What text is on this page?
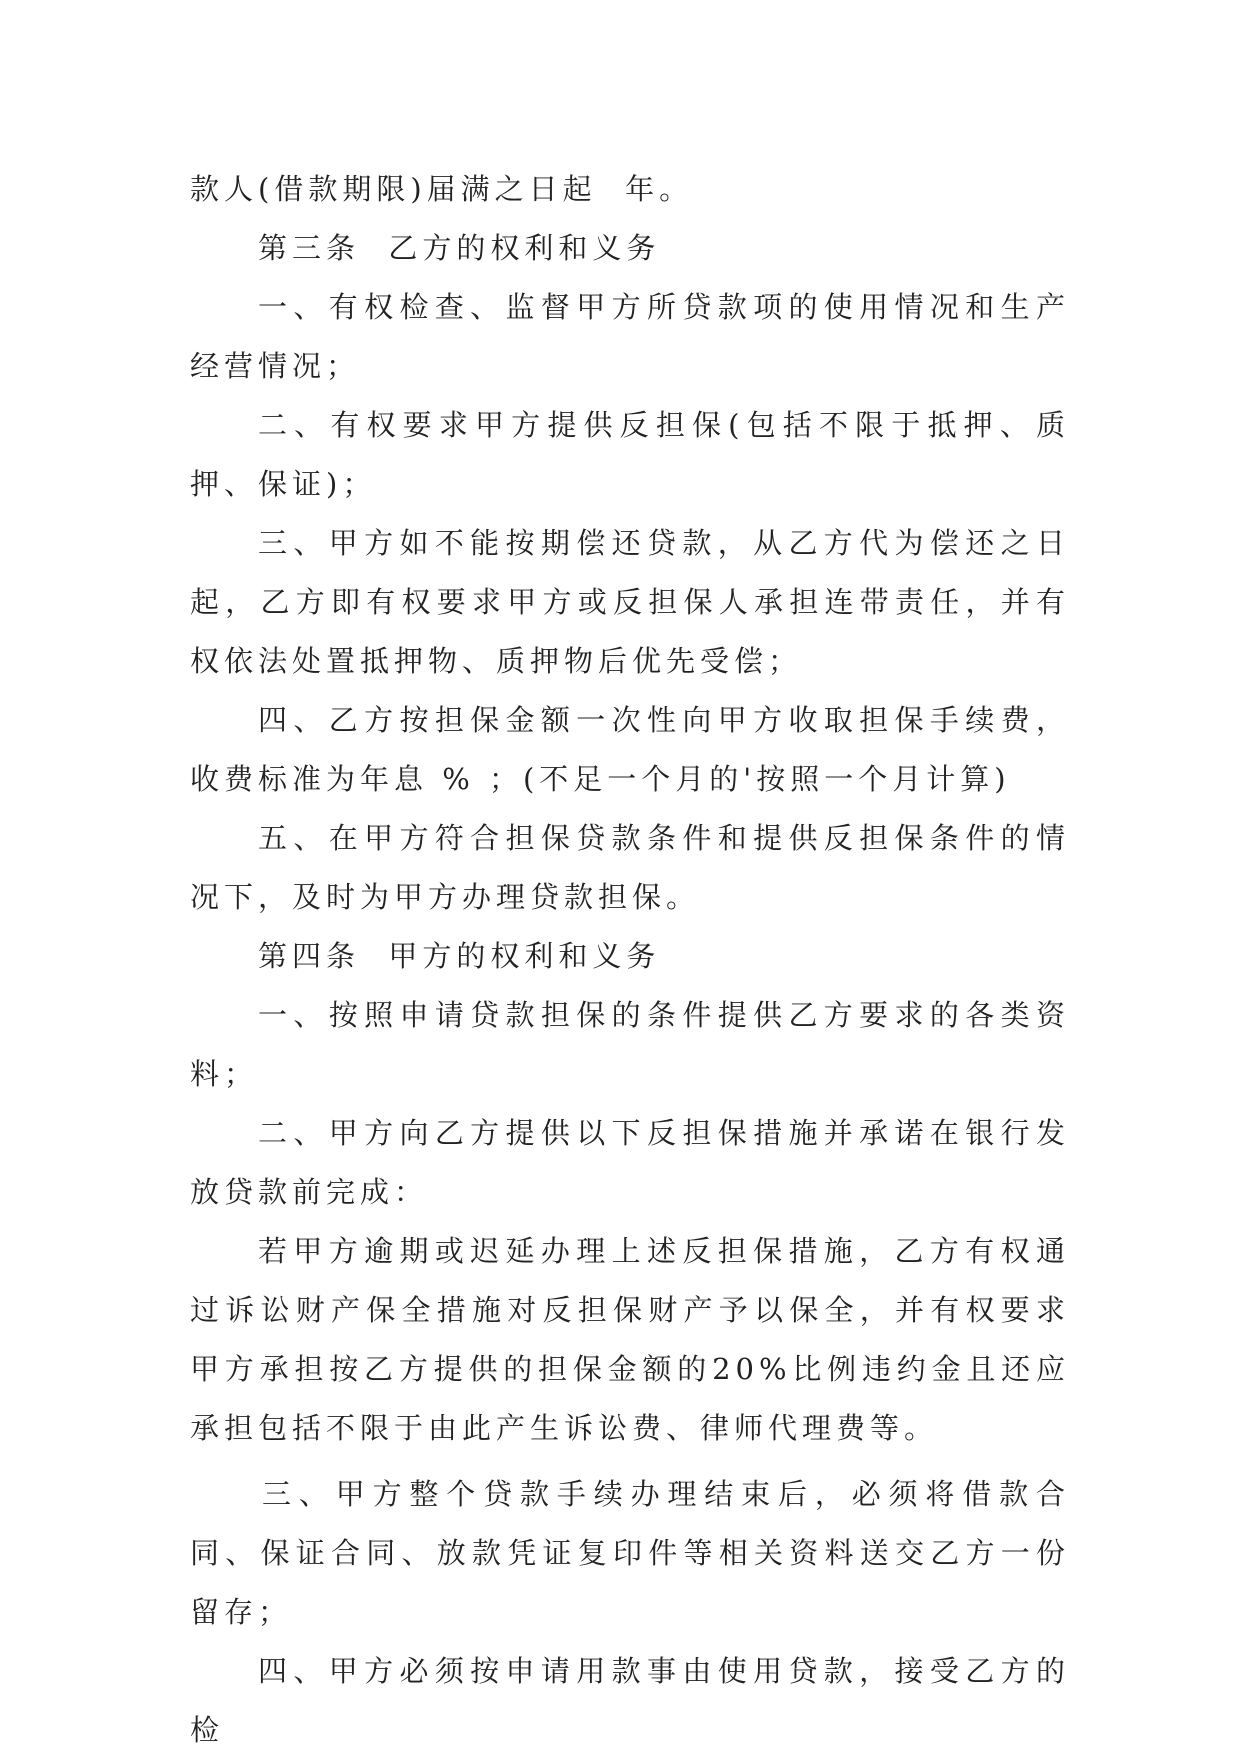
款人(借款期限)届满之日起  年。

第三条  乙方的权利和义务

一、有权检查、监督甲方所贷款项的使用情况和生产经营情况；

二、有权要求甲方提供反担保(包括不限于抵押、质押、保证)；

三、甲方如不能按期偿还贷款，从乙方代为偿还之日起，乙方即有权要求甲方或反担保人承担连带责任，并有权依法处置抵押物、质押物后优先受偿；

四、乙方按担保金额一次性向甲方收取担保手续费，收费标准为年息 % ；(不足一个月的'按照一个月计算)

五、在甲方符合担保贷款条件和提供反担保条件的情况下，及时为甲方办理贷款担保。

第四条  甲方的权利和义务

一、按照申请贷款担保的条件提供乙方要求的各类资料；

二、甲方向乙方提供以下反担保措施并承诺在银行发放贷款前完成：

若甲方逾期或迟延办理上述反担保措施，乙方有权通过诉讼财产保全措施对反担保财产予以保全，并有权要求甲方承担按乙方提供的担保金额的20%比例违约金且还应承担包括不限于由此产生诉讼费、律师代理费等。

三、甲方整个贷款手续办理结束后，必须将借款合同、保证合同、放款凭证复印件等相关资料送交乙方一份留存；

四、甲方必须按申请用款事由使用贷款，接受乙方的检
